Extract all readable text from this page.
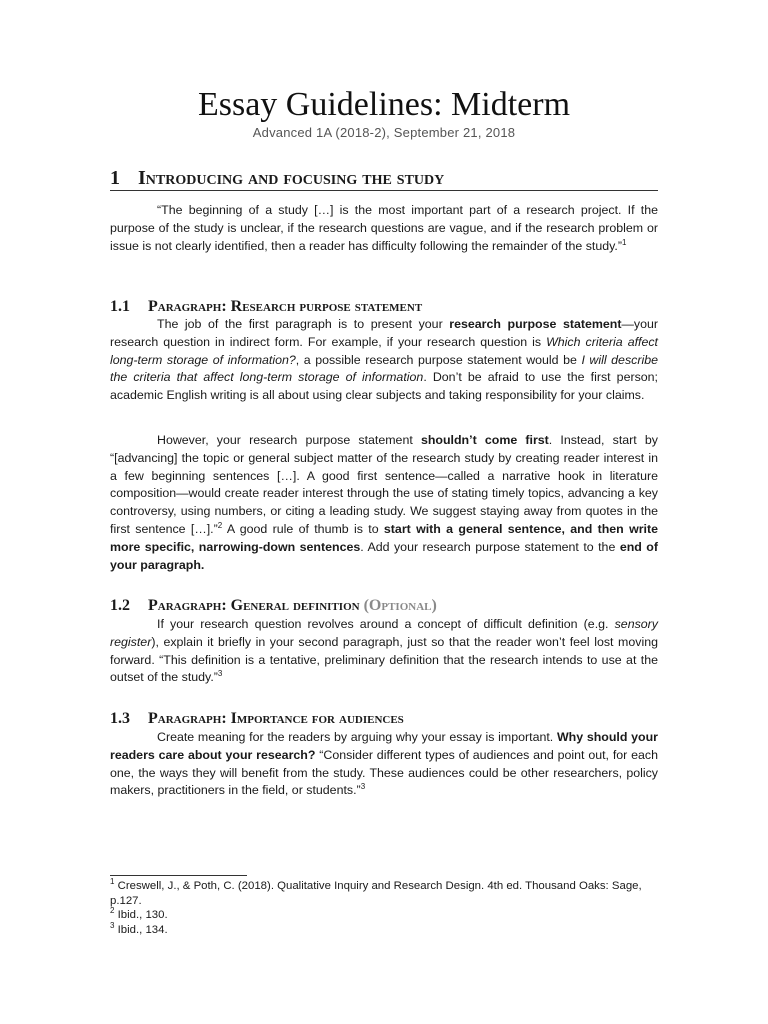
Essay Guidelines: Midterm
Advanced 1A (2018-2), September 21, 2018
1 Introducing and focusing the study

“The beginning of a study […] is the most important part of a research project. If the purpose of the study is unclear, if the research questions are vague, and if the research problem or issue is not clearly identified, then a reader has difficulty following the remainder of the study.”$^1$

1.1 Paragraph: Research purpose statement

The job of the first paragraph is to present your research purpose statement—your research question in indirect form. For example, if your research question is Which criteria affect long-term storage of information?, a possible research purpose statement would be I will describe the criteria that affect long-term storage of information. Don’t be afraid to use the first person; academic English writing is all about using clear subjects and taking responsibility for your claims.

However, your research purpose statement shouldn’t come first. Instead, start by “[advancing] the topic or general subject matter of the research study by creating reader interest in a few beginning sentences […]. A good first sentence—called a narrative hook in literature composition—would create reader interest through the use of stating timely topics, advancing a key controversy, using numbers, or citing a leading study. We suggest staying away from quotes in the first sentence […].”$^2$ A good rule of thumb is to start with a general sentence, and then write more specific, narrowing-down sentences. Add your research purpose statement to the end of your paragraph.

1.2 Paragraph: General definition (Optional)

If your research question revolves around a concept of difficult definition (e.g. sensory register), explain it briefly in your second paragraph, just so that the reader won’t feel lost moving forward. “This definition is a tentative, preliminary definition that the research intends to use at the outset of the study.”$^3$

1.3 Paragraph: Importance for audiences

Create meaning for the readers by arguing why your essay is important. Why should your readers care about your research? “Consider different types of audiences and point out, for each one, the ways they will benefit from the study. These audiences could be other researchers, policy makers, practitioners in the field, or students.”$^3$

$^1$ Creswell, J., & Poth, C. (2018). Qualitative Inquiry and Research Design. 4th ed. Thousand Oaks: Sage, p.127.

$^2$ Ibid., 130.

$^3$ Ibid., 134.
